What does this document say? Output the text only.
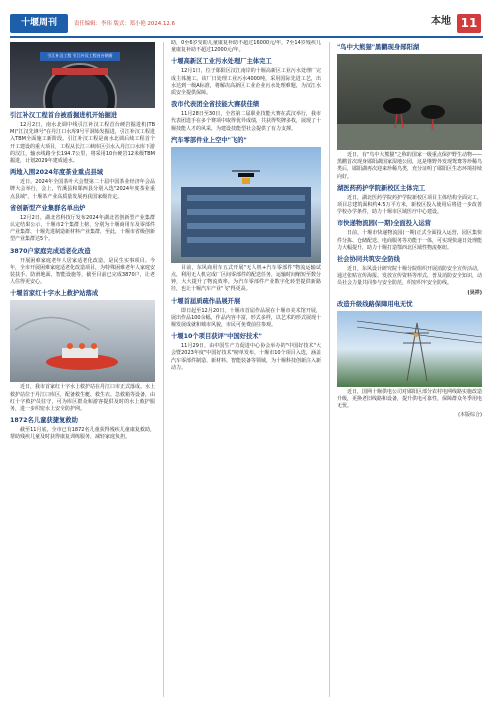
十堰周刊	责任编辑：李玮 版式：郑小艳 2024.12.6	本地 11
引江补汉工程 引江补汉工程首台钢盾
引江补汉工程首台被盾掘进机开始掘进

12月2日，南水北调中线引江补汉工程首台硬岩掘进机(TBM)"江汉先锋号"在丹江口水库9号平洞始发掘进，引江补汉工程进入TBM全面施工新阶段。引江补汉工程是南水北调后续工程首个开工建设的重大项目，工程从长江三峡库区引水入丹江口水库下游的汉江，输水线路全长194.7公里，将采用10台硬岩12米级TBM掘进，计划2029年建成通水。

两地入围2024年度茶业重点县域

近日，2024年全国茶叶大会暨第二十届中国茶业经济年会品牌大会举行，会上，竹溪县和郧西县分别入选"2024年度茶业重点县域"，十堰茶产业高质量发展再获国家级肯定。

省创新型产业集群名单出炉

12月2日，湖北省科技厅发布2024年湖北省创新型产业集群认定结果公示，十堰市2个集群上榜，分别为十堰商用车及零部件产业集群、十堰先进制造新材料产业集群，至此，十堰市省级创新型产业集群达5个。

3870户家庭完成适老化改造

开展困难家庭老年人居家适老化改造，是民生实事项目。今年，全市开展困难家庭适老化改造项目，为特殊困难老年人家庭安装扶手、防滑地面、智能设施等，截至目前已完成3870户，让老人住得更安心。

十堰首家红十字水上救护站落成

近日，我市首家红十字水上救护站在丹江口市正式落成。水上救护站位于丹江口库区，配备救生艇、救生衣、急救箱等设备，由红十字救护员驻守，可为库区群众和游客提供及时的水上救护服务，进一步织密水上安全防护网。

1872名儿童获捷复救助

截至11月底，全市已有1872名儿童获得残疾儿童康复救助，帮助残疾儿童及时获得康复训练服务，减轻家庭负担。

助，0至6岁受助儿童康复补助不超过16000元/年，7至14岁残疾儿童康复补助不超过12000元/年。

十堰高新区工业污水处理厂主体完工

12月1日，位于郧阳区汉江南岸的十堰高新区工业污水处理厂完成主体施工。该厂日处理工业污水4000吨，采用国际先进工艺，出水达到一级A标准，将解决高新区工业企业污水处理难题，为汉江水质安全提供保障。

我市代表团全省技能大赛获佳绩

11月28日至30日，全省第二届职业技能大赛在武汉举行，我市代表团选手在多个赛项中取得优异成绩，共获得奖牌多枚，展现了十堰技能人才的风采，为建设技能型社会提供了有力支撑。

汽车零部件业上空中"飞的"

目前，东风商用车五式开展"无人机+汽车零部件"物流运输试点，利用无人机完成厂区间零部件的配送任务，运输时间缩短至数分钟，大大提升了物流效率，为汽车零部件产业数字化转型提供新路径，也让十堰汽车产业"飞"得更高。

十堰首届质疏作品展开展

即日起至12月20日，十堰市首届作品展在十堰市美术馆开展，展出作品100余幅，作品内容丰富，形式多样，以艺术的形式展现十堰发展成就和城市风貌，市民可免费前往参观。

十堰10个项目获评"中国好技术"

11月29日，由中国生产力促进中心协会举办的"中国好技术"大会暨2023年度"中国好技术"榜单发布，十堰市10个项目入选，涵盖汽车零部件制造、新材料、智能装备等领域，为十堰科技创新注入新动力。

"鸟中大熊猫"黑鹳现身郧阳湖

近日，有"鸟中大熊猫"之称的国家一级重点保护野生动物——黑鹳首次现身郧阳湖国家湿地公园，这是继野外发现鸳鸯等珍稀鸟类后，郧阳湖再次迎来珍稀鸟类，充分证明了郧阳区生态环境持续向好。

湖医药药护学院新校区主体完工

近日，湖北医药学院药护学院新校区项目主体结构全面完工，项目总建筑面积约4.5万平方米，新校区投入使用后将进一步改善学校办学条件，助力十堰市区域医疗中心建设。

市快递物流园(一期)全面投入运营

日前，十堰市快递物流园(一期)正式全面投入运营，园区集快件分拣、仓储配送、电商服务等功能于一体，可实现快递日处理能力大幅提升，助力十堰打造鄂西北区域性物流枢纽。

社会协同共筑安全防线

近日，东风设计研究院十堰分院组织开展消防安全宣传活动，通过张贴宣传海报、发放宣传资料等形式，普及消防安全知识，动员社会力量共同参与安全防范，织密织牢安全防线。

(吴祥)
改造升级线路保障用电无忧

近日，国网十堰供电公司对郧阳区部分农村电网线路实施改造升级，更换老旧线路和设备，提升供电可靠性，保障群众冬季用电无忧。

(本版综合)
